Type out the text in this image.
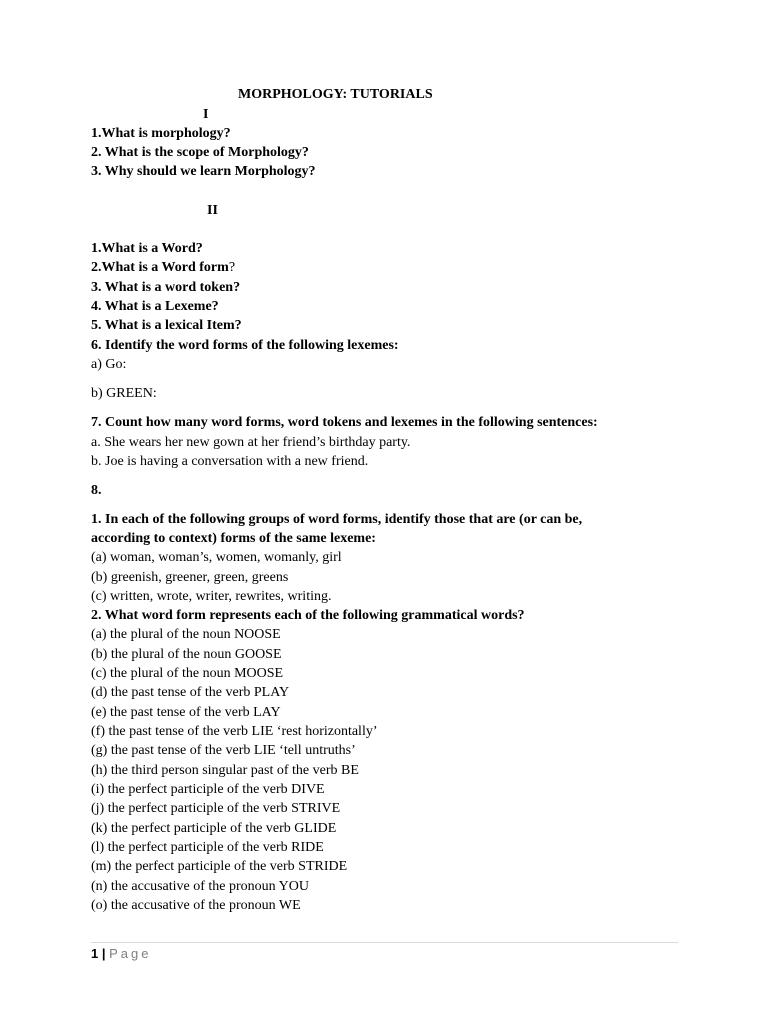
MORPHOLOGY: TUTORIALS
I
1.What is morphology?
2. What is the scope of Morphology?
3. Why should we learn Morphology?
II
1.What is a Word?
2.What is a Word form?
3. What is a word token?
4. What is a Lexeme?
5. What is a lexical Item?
6. Identify the word forms of the following lexemes:
a) Go:
b) GREEN:
7. Count how many word forms, word tokens and lexemes in the following sentences:
a. She wears her new gown at her friend’s birthday party.
b. Joe is having a conversation with a new friend.
8.
1. In each of the following groups of word forms, identify those that are (or can be,
according to context) forms of the same lexeme:
(a) woman, woman’s, women, womanly, girl
(b) greenish, greener, green, greens
(c) written, wrote, writer, rewrites, writing.
2. What word form represents each of the following grammatical words?
(a) the plural of the noun NOOSE
(b) the plural of the noun GOOSE
(c) the plural of the noun MOOSE
(d) the past tense of the verb PLAY
(e) the past tense of the verb LAY
(f) the past tense of the verb LIE ‘rest horizontally’
(g) the past tense of the verb LIE ‘tell untruths’
(h) the third person singular past of the verb BE
(i) the perfect participle of the verb DIVE
(j) the perfect participle of the verb STRIVE
(k) the perfect participle of the verb GLIDE
(l) the perfect participle of the verb RIDE
(m) the perfect participle of the verb STRIDE
(n) the accusative of the pronoun YOU
(o) the accusative of the pronoun WE
1 | Page
